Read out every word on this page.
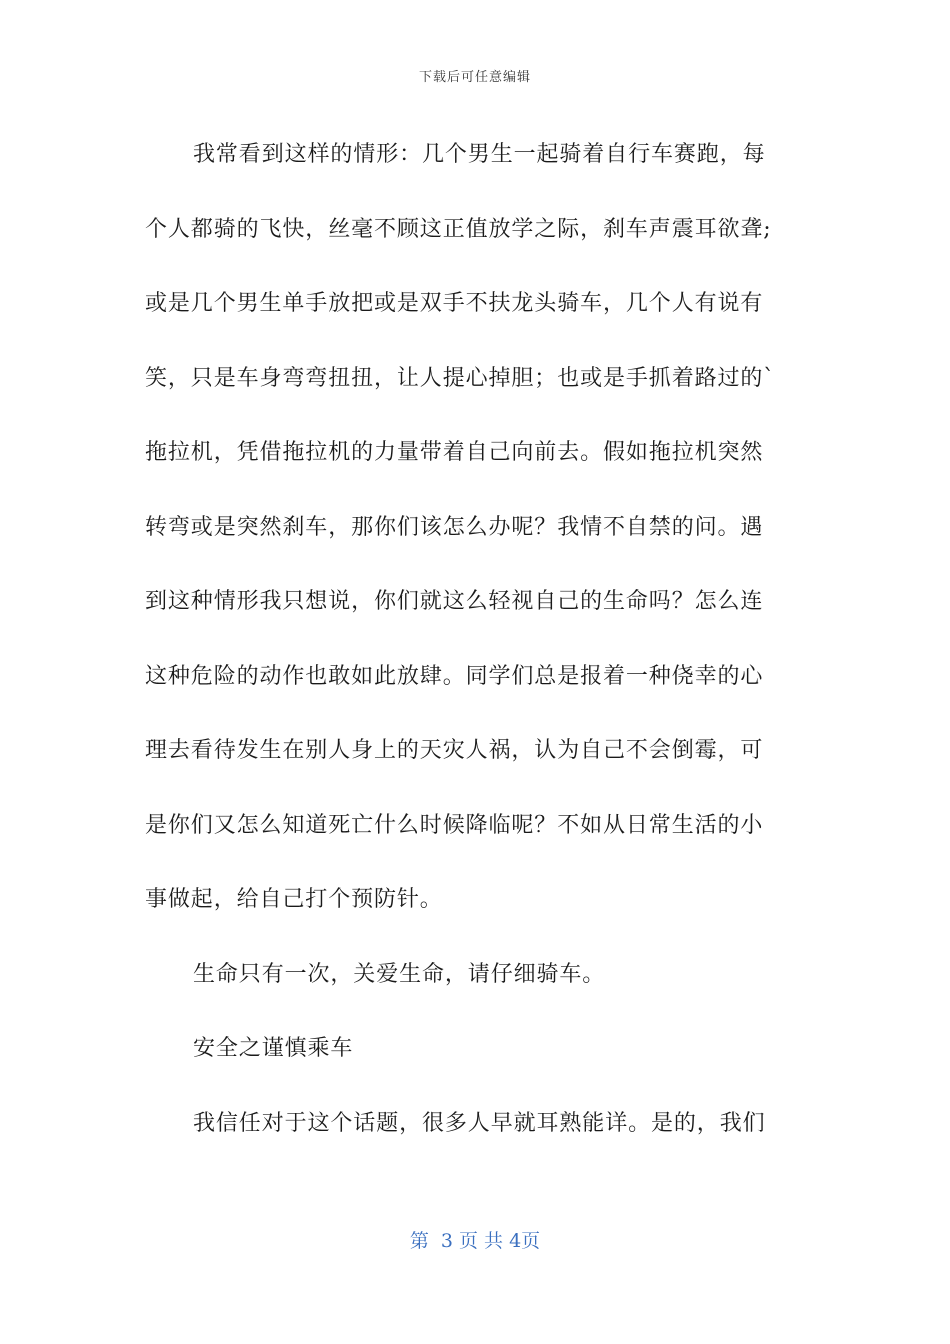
下载后可任意编辑
我常看到这样的情形：几个男生一起骑着自行车赛跑，每
个人都骑的飞快，丝毫不顾这正值放学之际，刹车声震耳欲聋;
或是几个男生单手放把或是双手不扶龙头骑车，几个人有说有
笑，只是车身弯弯扭扭，让人提心掉胆；也或是手抓着路过的`
拖拉机，凭借拖拉机的力量带着自己向前去。假如拖拉机突然
转弯或是突然刹车，那你们该怎么办呢？我情不自禁的问。遇
到这种情形我只想说，你们就这么轻视自己的生命吗？怎么连
这种危险的动作也敢如此放肆。同学们总是报着一种侥幸的心
理去看待发生在别人身上的天灾人祸，认为自己不会倒霉，可
是你们又怎么知道死亡什么时候降临呢？不如从日常生活的小
事做起，给自己打个预防针。
生命只有一次，关爱生命，请仔细骑车。
安全之谨慎乘车
我信任对于这个话题，很多人早就耳熟能详。是的，我们
第  3 页 共 4页
